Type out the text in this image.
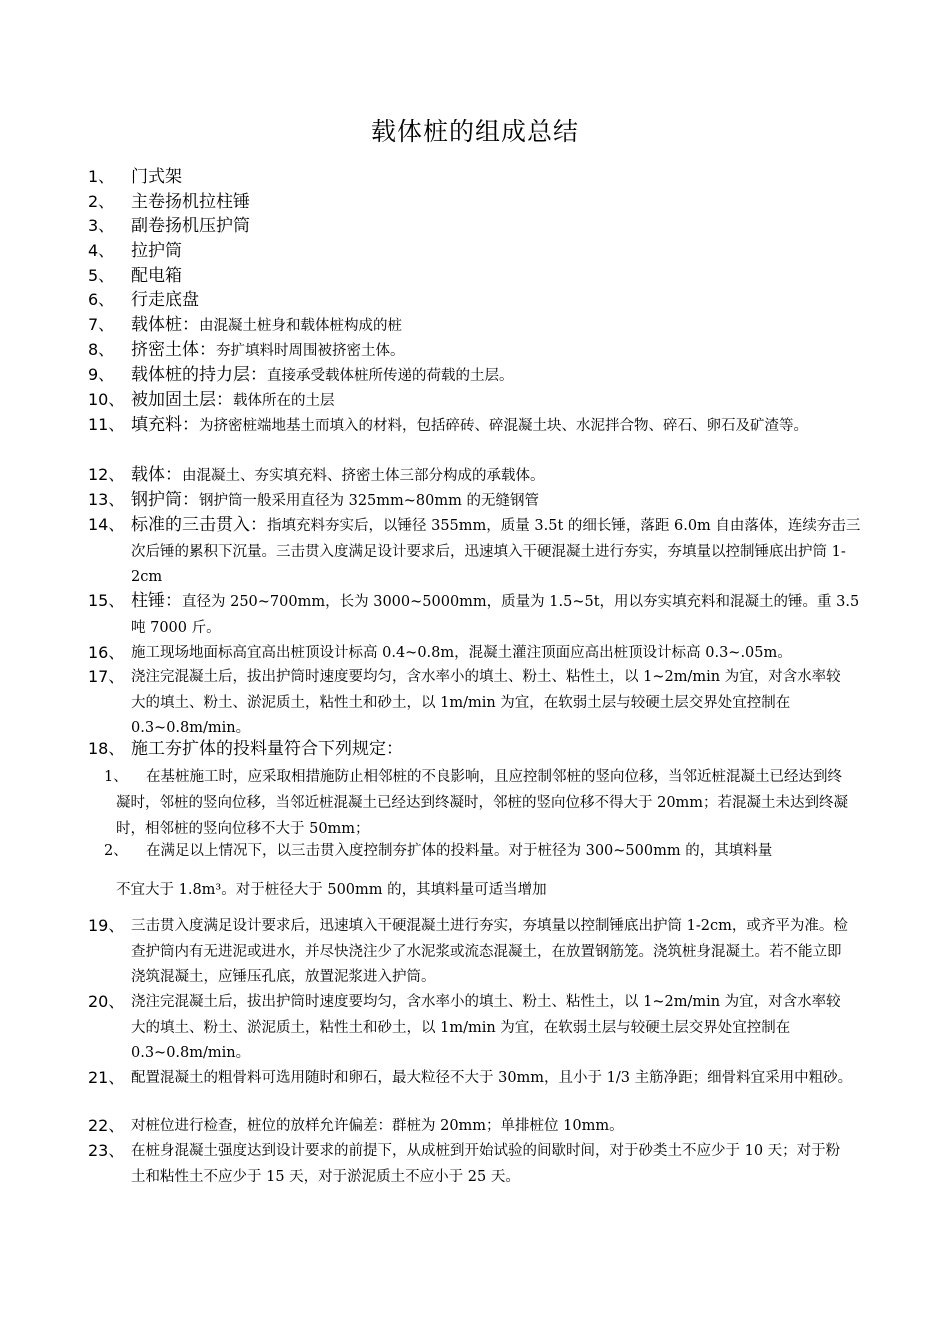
载体桩的组成总结
1、 门式架
2、 主卷扬机拉柱锤
3、 副卷扬机压护筒
4、 拉护筒
5、 配电箱
6、 行走底盘
7、 载体桩：由混凝土桩身和载体桩构成的桩
8、 挤密土体：夯扩填料时周围被挤密土体。
9、 载体桩的持力层：直接承受载体桩所传递的荷载的土层。
10、 被加固土层：载体所在的土层
11、 填充料：为挤密桩端地基土而填入的材料，包括碎砖、碎混凝土块、水泥拌合物、碎石、卵石及矿渣等。
12、 载体：由混凝土、夯实填充料、挤密土体三部分构成的承载体。
13、 钢护筒：钢护筒一般采用直径为 325mm~80mm 的无缝钢管
14、 标准的三击贯入：指填充料夯实后，以锤径 355mm，质量 3.5t 的细长锤，落距 6.0m 自由落体，连续夯击三次后锤的累积下沉量。三击贯入度满足设计要求后，迅速填入干硬混凝土进行夯实，夯填量以控制锤底出护筒 1-2cm
15、 柱锤：直径为 250~700mm，长为 3000~5000mm，质量为 1.5~5t，用以夯实填充料和混凝土的锤。重 3.5 吨 7000 斤。
16、 施工现场地面标高宜高出桩顶设计标高 0.4~0.8m，混凝土灌注顶面应高出桩顶设计标高 0.3~.05m。
17、 浇注完混凝土后，拔出护筒时速度要均匀，含水率小的填土、粉土、粘性土，以 1~2m/min 为宜，对含水率较大的填土、粉土、淤泥质土，粘性土和砂土，以 1m/min 为宜，在软弱土层与较硬土层交界处宜控制在 0.3~0.8m/min。
18、 施工夯扩体的投料量符合下列规定：
1、	在基桩施工时，应采取相措施防止相邻桩的不良影响，且应控制邻桩的竖向位移，当邻近桩混凝土已经达到终凝时，邻桩的竖向位移，当邻近桩混凝土已经达到终凝时，邻桩的竖向位移不得大于 20mm；若混凝土未达到终凝时，相邻桩的竖向位移不大于 50mm；
2、	在满足以上情况下，以三击贯入度控制夯扩体的投料量。对于桩径为 300~500mm 的，其填料量
不宜大于 1.8m³。对于桩径大于 500mm 的，其填料量可适当增加
19、 三击贯入度满足设计要求后，迅速填入干硬混凝土进行夯实，夯填量以控制锤底出护筒 1-2cm，或齐平为准。检查护筒内有无进泥或进水，并尽快浇注少了水泥浆或流态混凝土，在放置钢筋笼。浇筑桩身混凝土。若不能立即浇筑混凝土，应锤压孔底，放置泥浆进入护筒。
20、 浇注完混凝土后，拔出护筒时速度要均匀，含水率小的填土、粉土、粘性土，以 1~2m/min 为宜，对含水率较大的填土、粉土、淤泥质土，粘性土和砂土，以 1m/min 为宜，在软弱土层与较硬土层交界处宜控制在 0.3~0.8m/min。
21、 配置混凝土的粗骨料可选用随时和卵石，最大粒径不大于 30mm，且小于 1/3 主筋净距；细骨料宜采用中粗砂。
22、 对桩位进行检查，桩位的放样允许偏差：群桩为 20mm；单排桩位 10mm。
23、 在桩身混凝土强度达到设计要求的前提下，从成桩到开始试验的间歇时间，对于砂类土不应少于 10 天；对于粉土和粘性土不应少于 15 天，对于淤泥质土不应小于 25 天。
